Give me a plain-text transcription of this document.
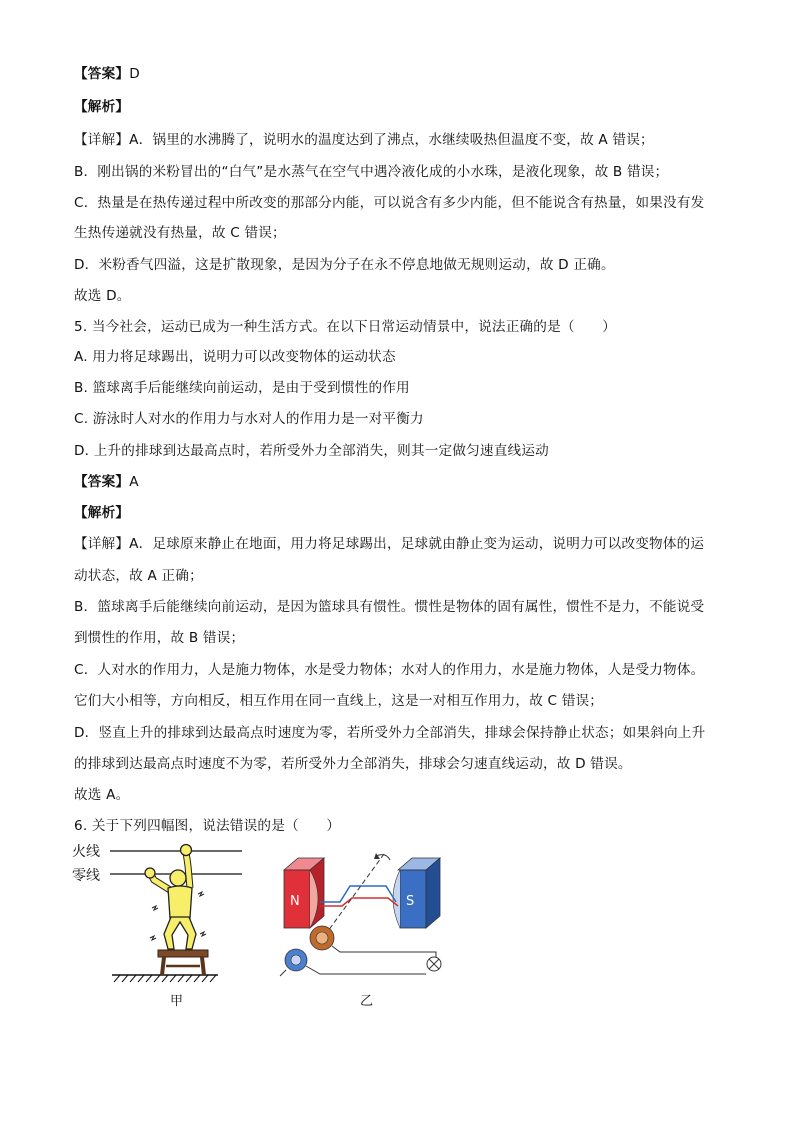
【答案】D
【解析】
【详解】A．锅里的水沸腾了，说明水的温度达到了沸点，水继续吸热但温度不变，故 A 错误；
B．刚出锅的米粉冒出的“白气”是水蒸气在空气中遇冷液化成的小水珠，是液化现象，故 B 错误；
C．热量是在热传递过程中所改变的那部分内能，可以说含有多少内能，但不能说含有热量，如果没有发
生热传递就没有热量，故 C 错误；
D．米粉香气四溢，这是扩散现象，是因为分子在永不停息地做无规则运动，故 D 正确。
故选 D。
5. 当今社会，运动已成为一种生活方式。在以下日常运动情景中，说法正确的是（　　）
A. 用力将足球踢出，说明力可以改变物体的运动状态
B. 篮球离手后能继续向前运动，是由于受到惯性的作用
C. 游泳时人对水的作用力与水对人的作用力是一对平衡力
D. 上升的排球到达最高点时，若所受外力全部消失，则其一定做匀速直线运动
【答案】A
【解析】
【详解】A．足球原来静止在地面，用力将足球踢出，足球就由静止变为运动，说明力可以改变物体的运
动状态，故 A 正确；
B．篮球离手后能继续向前运动，是因为篮球具有惯性。惯性是物体的固有属性，惯性不是力，不能说受
到惯性的作用，故 B 错误；
C．人对水的作用力，人是施力物体，水是受力物体；水对人的作用力，水是施力物体，人是受力物体。
它们大小相等，方向相反，相互作用在同一直线上，这是一对相互作用力，故 C 错误；
D．竖直上升的排球到达最高点时速度为零，若所受外力全部消失，排球会保持静止状态；如果斜向上升
的排球到达最高点时速度不为零，若所受外力全部消失，排球会匀速直线运动，故 D 错误。
故选 A。
6. 关于下列四幅图，说法错误的是（　　）
火线
零线
甲
N	S
乙
